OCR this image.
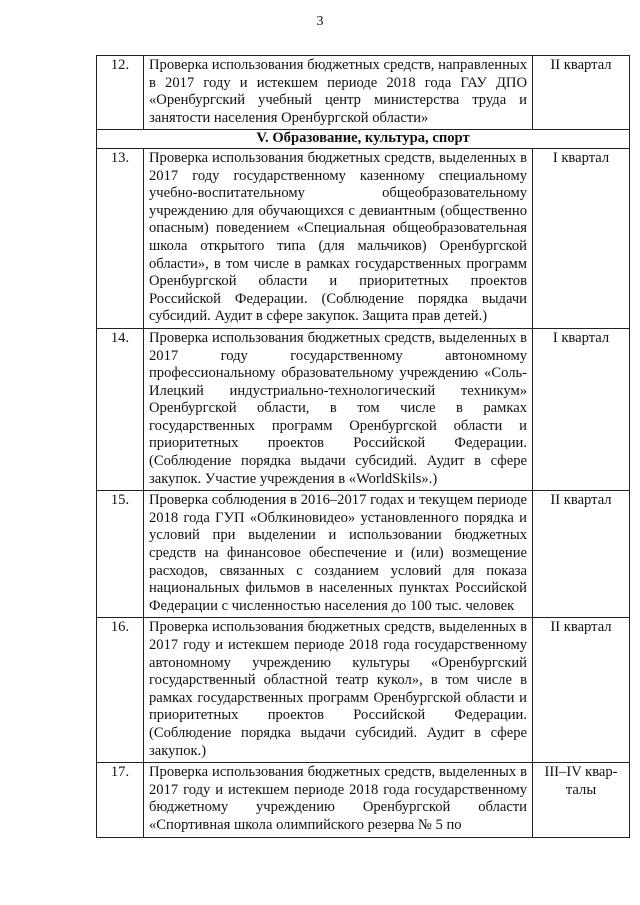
3
12.	Проверка использования бюджетных средств, направленных в 2017 году и истекшем периоде 2018 года ГАУ ДПО «Оренбургский учебный центр министерства труда и занятости населения Оренбургской области»	II квартал

V. Образование, культура, спорт		
13.	Проверка использования бюджетных средств, выделенных в 2017 году государственному казенному специальному учебно-воспитательному общеобразовательному учреждению для обучающихся с девиантным (общественно опасным) поведением «Специальная общеобразовательная школа открытого типа (для мальчиков) Оренбургской области», в том числе в рамках государственных программ Оренбургской области и приоритетных проектов Российской Федерации. (Соблюдение порядка выдачи субсидий. Аудит в сфере закупок. Защита прав детей.)	I квартал

14.	Проверка использования бюджетных средств, выделенных в 2017 году государственному автономному профессиональному образовательному учреждению «Соль-Илецкий индустриально-технологический техникум» Оренбургской области, в том числе в рамках государственных программ Оренбургской области и приоритетных проектов Российской Федерации. (Соблюдение порядка выдачи субсидий. Аудит в сфере закупок. Участие учреждения в «WorldSkils».)	I квартал

15.	Проверка соблюдения в 2016–2017 годах и текущем периоде 2018 года ГУП «Облкиновидео» установленного порядка и условий при выделении и использовании бюджетных средств на финансовое обеспечение и (или) возмещение расходов, связанных с созданием условий для показа национальных фильмов в населенных пунктах Российской Федерации с численностью населения до 100 тыс. человек	II квартал

16.	Проверка использования бюджетных средств, выделенных в 2017 году и истекшем периоде 2018 года государственному автономному учреждению культуры «Оренбургский государственный областной театр кукол», в том числе в рамках государственных программ Оренбургской области и приоритетных проектов Российской Федерации. (Соблюдение порядка выдачи субсидий. Аудит в сфере закупок.)	II квартал

17.	Проверка использования бюджетных средств, выделенных в 2017 году и истекшем периоде 2018 года государственному бюджетному учреждению Оренбургской области «Спортивная школа олимпийского резерва № 5 по	III–IV квар-
талы
